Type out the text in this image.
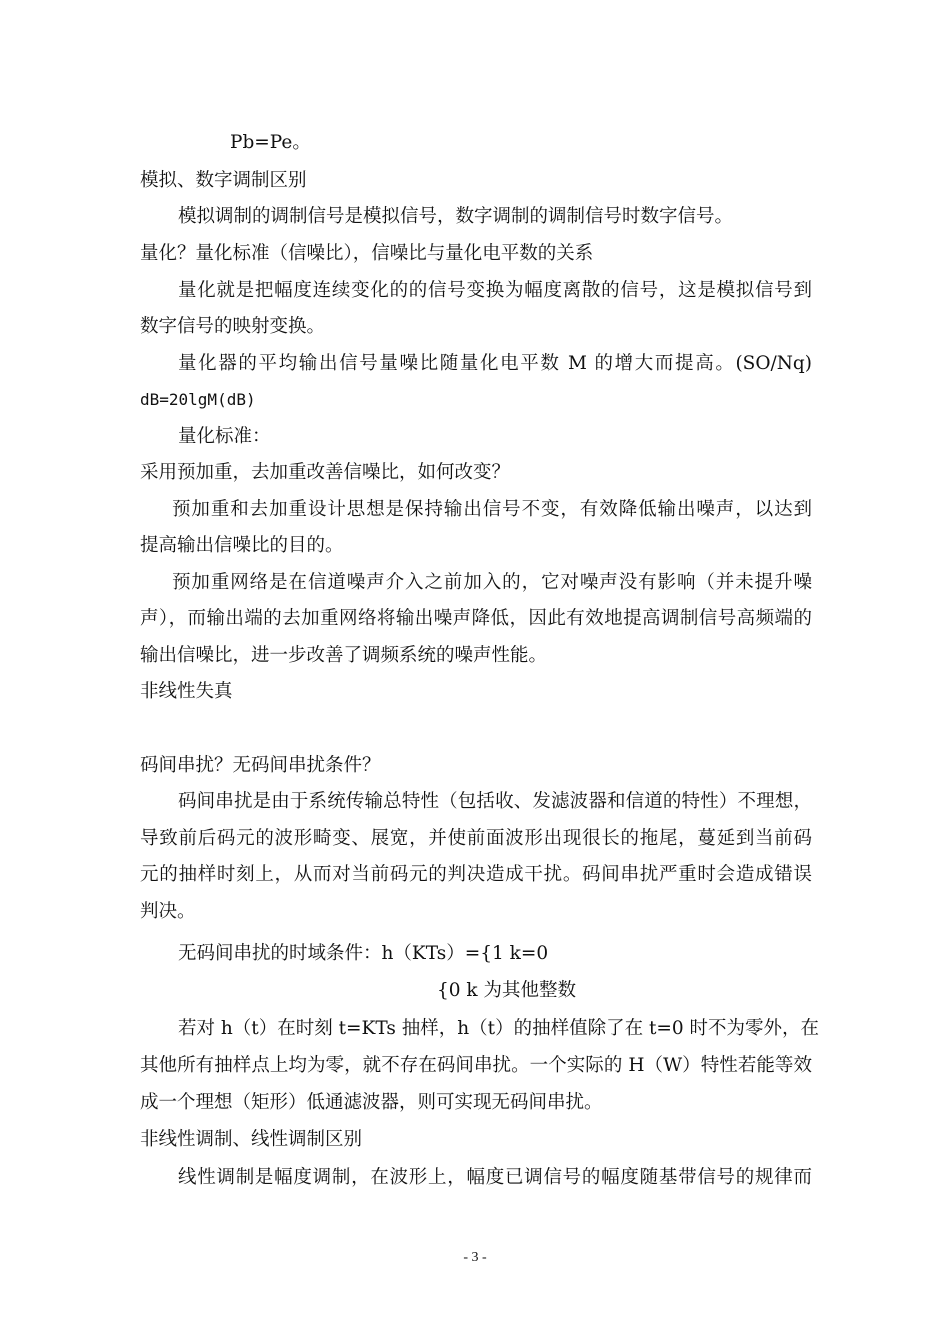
Pb=Pe。
模拟、数字调制区别
模拟调制的调制信号是模拟信号，数字调制的调制信号时数字信号。
量化？量化标准（信噪比），信噪比与量化电平数的关系
量化就是把幅度连续变化的的信号变换为幅度离散的信号，这是模拟信号到
数字信号的映射变换。
量化器的平均输出信号量噪比随量化电平数 M 的增大而提高。(SO/Nq)
dB=20lgM(dB)
量化标准：
采用预加重，去加重改善信噪比，如何改变？
预加重和去加重设计思想是保持输出信号不变，有效降低输出噪声，以达到
提高输出信噪比的目的。
预加重网络是在信道噪声介入之前加入的，它对噪声没有影响（并未提升噪
声），而输出端的去加重网络将输出噪声降低，因此有效地提高调制信号高频端的
输出信噪比，进一步改善了调频系统的噪声性能。
非线性失真
码间串扰？无码间串扰条件？
码间串扰是由于系统传输总特性（包括收、发滤波器和信道的特性）不理想，
导致前后码元的波形畸变、展宽，并使前面波形出现很长的拖尾，蔓延到当前码
元的抽样时刻上，从而对当前码元的判决造成干扰。码间串扰严重时会造成错误
判决。
无码间串扰的时域条件：h（KTs）={1 k=0
{0 k 为其他整数
若对 h（t）在时刻 t=KTs 抽样，h（t）的抽样值除了在 t=0 时不为零外，在
其他所有抽样点上均为零，就不存在码间串扰。一个实际的 H（W）特性若能等效
成一个理想（矩形）低通滤波器，则可实现无码间串扰。
非线性调制、线性调制区别
线性调制是幅度调制，在波形上，幅度已调信号的幅度随基带信号的规律而
- 3 -
